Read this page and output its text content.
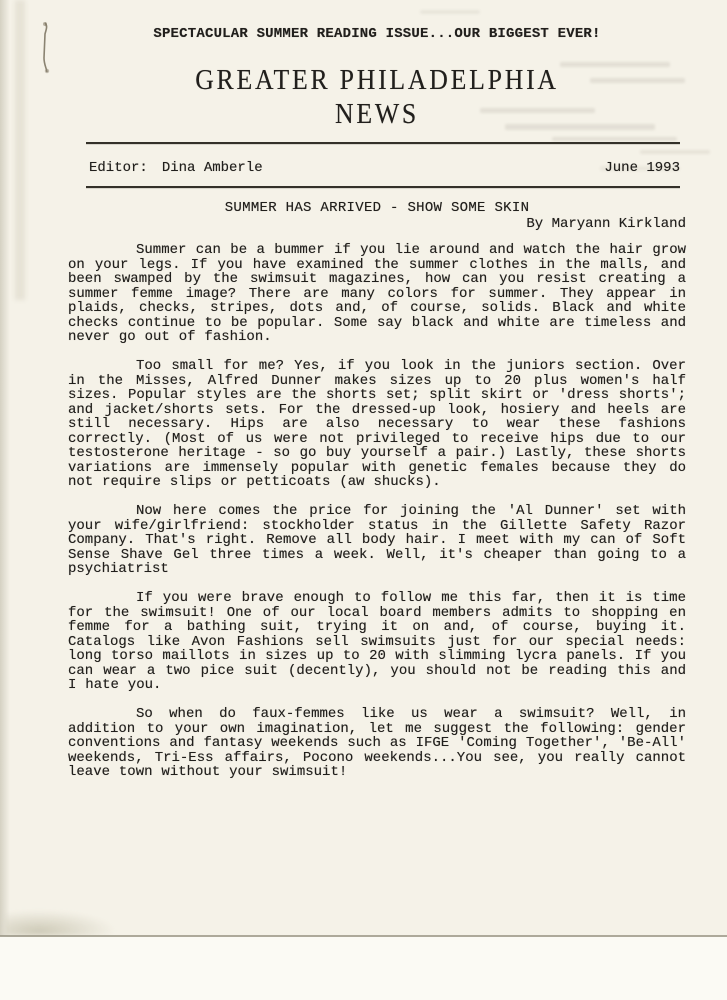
SPECTACULAR SUMMER READING ISSUE...OUR BIGGEST EVER!
GREATER PHILADELPHIA
NEWS
Editor: Dina Amberle	June 1993
SUMMER HAS ARRIVED - SHOW SOME SKIN
By Maryann Kirkland

Summer can be a bummer if you lie around and watch the hair grow on your legs. If you have examined the summer clothes in the malls, and been swamped by the swimsuit magazines, how can you resist creating a summer femme image? There are many colors for summer. They appear in plaids, checks, stripes, dots and, of course, solids. Black and white checks continue to be popular. Some say black and white are timeless and never go out of fashion.

Too small for me? Yes, if you look in the juniors section. Over in the Misses, Alfred Dunner makes sizes up to 20 plus women's half sizes. Popular styles are the shorts set; split skirt or 'dress shorts'; and jacket/shorts sets. For the dressed-up look, hosiery and heels are still necessary. Hips are also necessary to wear these fashions correctly. (Most of us were not privileged to receive hips due to our testosterone heritage - so go buy yourself a pair.) Lastly, these shorts variations are immensely popular with genetic females because they do not require slips or petticoats (aw shucks).

Now here comes the price for joining the 'Al Dunner' set with your wife/girlfriend: stockholder status in the Gillette Safety Razor Company. That's right. Remove all body hair. I meet with my can of Soft Sense Shave Gel three times a week. Well, it's cheaper than going to a psychiatrist

If you were brave enough to follow me this far, then it is time for the swimsuit! One of our local board members admits to shopping en femme for a bathing suit, trying it on and, of course, buying it. Catalogs like Avon Fashions sell swimsuits just for our special needs: long torso maillots in sizes up to 20 with slimming lycra panels. If you can wear a two pice suit (decently), you should not be reading this and I hate you.

So when do faux-femmes like us wear a swimsuit? Well, in addition to your own imagination, let me suggest the following: gender conventions and fantasy weekends such as IFGE 'Coming Together', 'Be-All' weekends, Tri-Ess affairs, Pocono weekends...You see, you really cannot leave town without your swimsuit!
